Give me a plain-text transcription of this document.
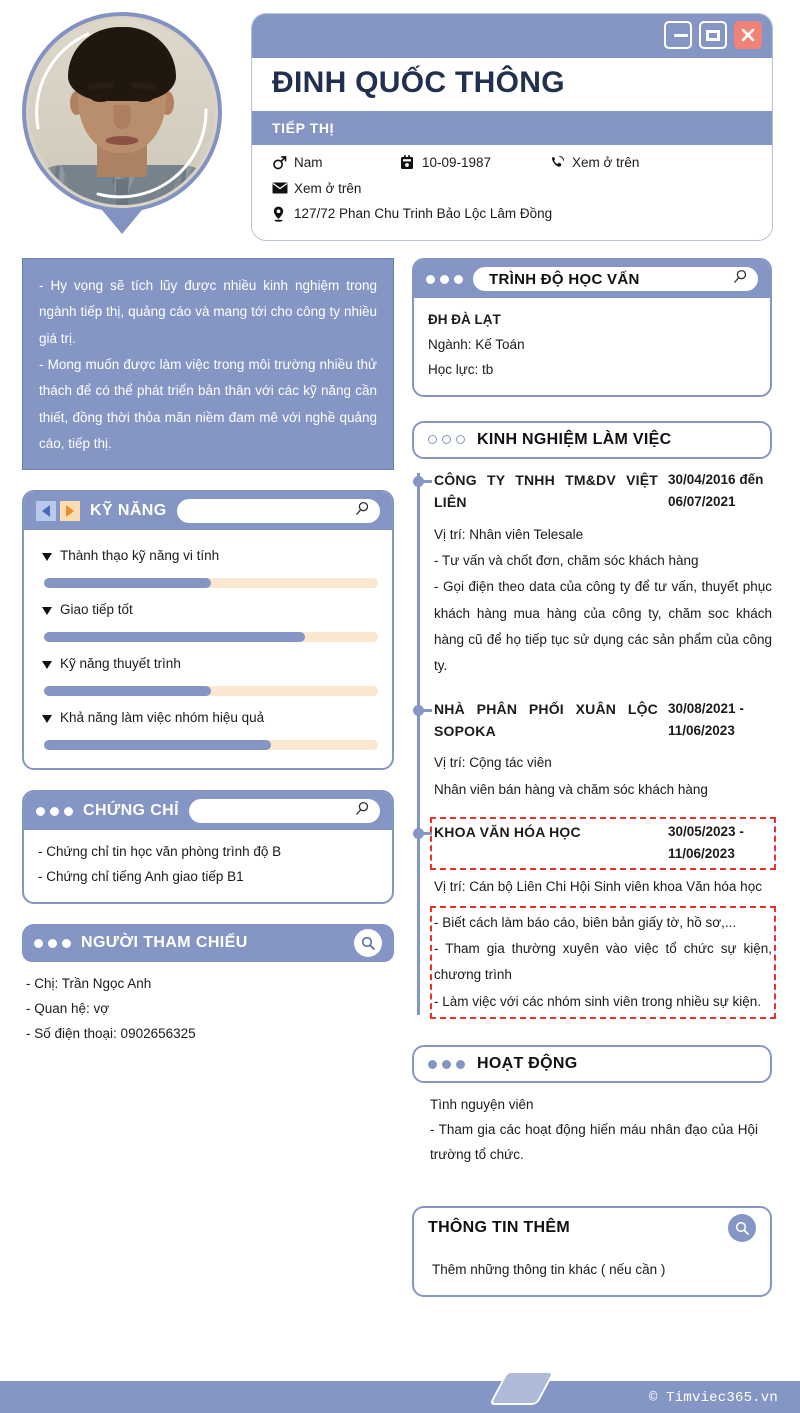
ĐINH QUỐC THÔNG
TIẾP THỊ
Nam	10-09-1987	Xem ở trên
Xem ở trên
127/72 Phan Chu Trinh Bảo Lộc Lâm Đồng

- Hy vọng sẽ tích lũy được nhiều kinh nghiệm trong ngành tiếp thị, quảng cáo và mang tới cho công ty nhiều giá trị.

- Mong muốn được làm việc trong môi trường nhiều thử thách để có thể phát triển bản thân với các kỹ năng cần thiết, đồng thời thỏa mãn niềm đam mê với nghề quảng cáo, tiếp thị.

KỸ NĂNG
Thành thạo kỹ năng vi tính
Giao tiếp tốt
Kỹ năng thuyết trình
Khả năng làm việc nhóm hiệu quả
CHỨNG CHỈ
- Chứng chỉ tin học văn phòng trình độ B
- Chứng chỉ tiếng Anh giao tiếp B1
NGƯỜI THAM CHIẾU
- Chị: Trần Ngọc Anh
- Quan hệ: vợ
- Số điện thoại: 0902656325
TRÌNH ĐỘ HỌC VẤN
ĐH ĐÀ LẠT
Ngành: Kế Toán
Học lực: tb
KINH NGHIỆM LÀM VIỆC
CÔNG TY TNHH TM&DV VIỆT LIÊN
30/04/2016 đến 06/07/2021
Vị trí: Nhân viên Telesale
- Tư vấn và chốt đơn, chăm sóc khách hàng
- Gọi điện theo data của công ty để tư vấn, thuyết phục khách hàng mua hàng của công ty, chăm soc khách hàng cũ để họ tiếp tục sử dụng các sản phẩm của công ty.
NHÀ PHÂN PHỐI XUÂN LỘC SOPOKA
30/08/2021 - 11/06/2023
Vị trí: Cộng tác viên
Nhân viên bán hàng và chăm sóc khách hàng
KHOA VĂN HÓA HỌC	30/05/2023 - 11/06/2023
Vị trí: Cán bộ Liên Chi Hội Sinh viên khoa Văn hóa học
- Biết cách làm báo cáo, biên bản giấy tờ, hồ sơ,...
- Tham gia thường xuyên vào việc tổ chức sự kiện, chương trình
- Làm việc với các nhóm sinh viên trong nhiều sự kiện.
HOẠT ĐỘNG
Tình nguyện viên
- Tham gia các hoạt động hiến máu nhân đạo của Hội trường tổ chức.
THÔNG TIN THÊM
Thêm những thông tin khác ( nếu cần )
© Timviec365.vn
